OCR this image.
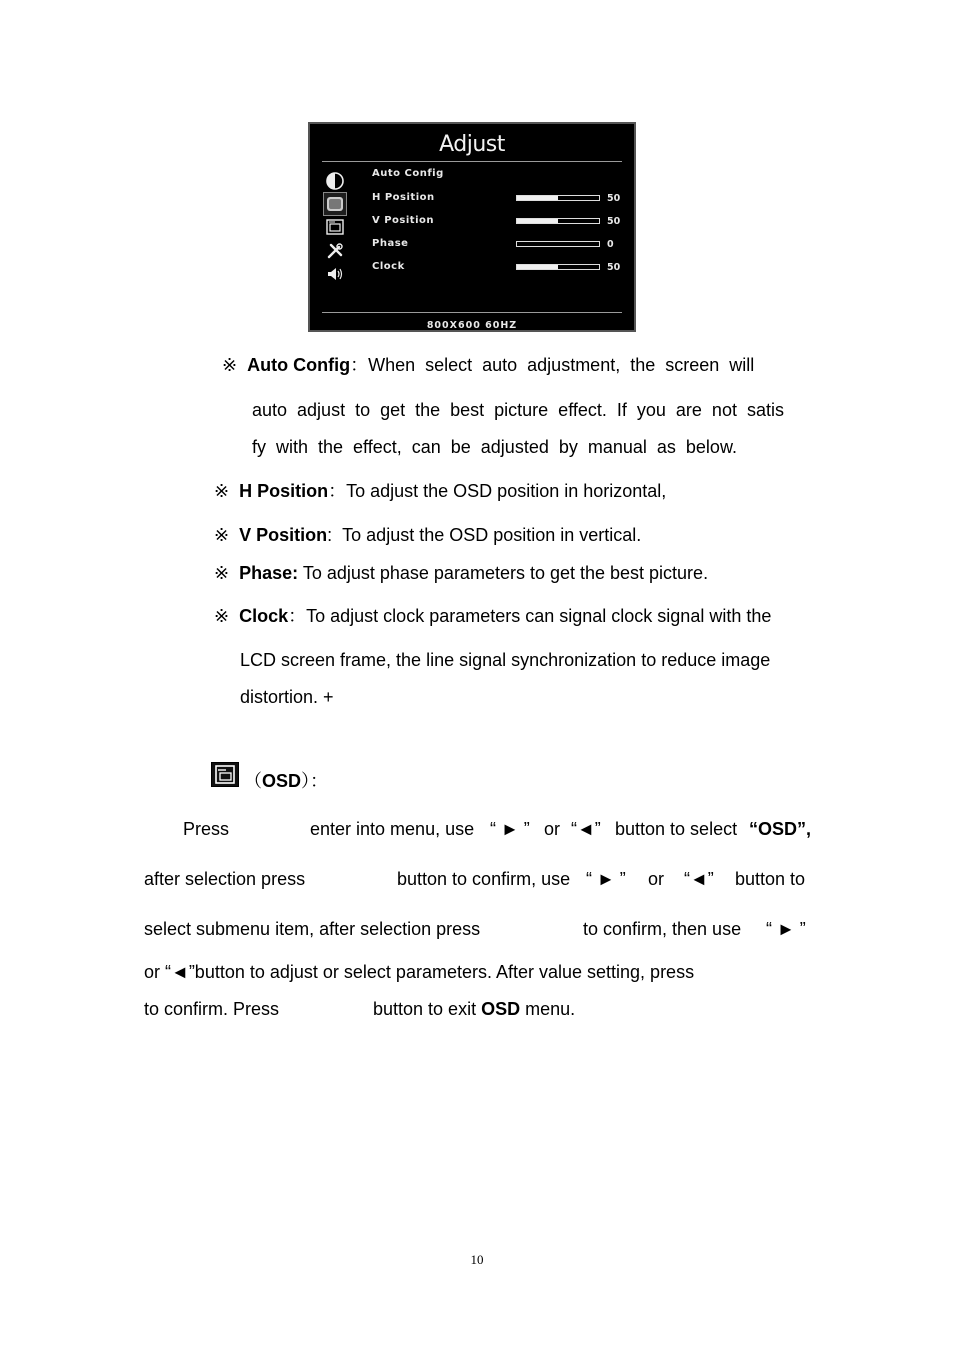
Adjust
Auto Config
H Position	50
V Position	50
Phase	0
Clock	50
800X600 60HZ
※ Auto Config：When  select  auto  adjustment,  the  screen  will
auto  adjust  to  get  the  best  picture  effect.  If  you  are  not  satis
fy  with  the  effect,  can  be  adjusted  by  manual  as  below.
※ H Position：To adjust the OSD position in horizontal,
※ V Position: To adjust the OSD position in vertical.
※ Phase: To adjust phase parameters to get the best picture.
※ Clock：To adjust clock parameters can signal clock signal with the
LCD screen frame, the line signal synchronization to reduce image
distortion. +
（OSD）：
Press	enter into menu, use “ ► ” or “◄” button to select “OSD”,
after selection press	button to confirm, use “ ► ” or “◄” button to
select submenu item, after selection press	to confirm, then use “ ► ”
or “◄”button to adjust or select parameters. After value setting, press
to confirm. Press	button to exit OSD menu.
10
